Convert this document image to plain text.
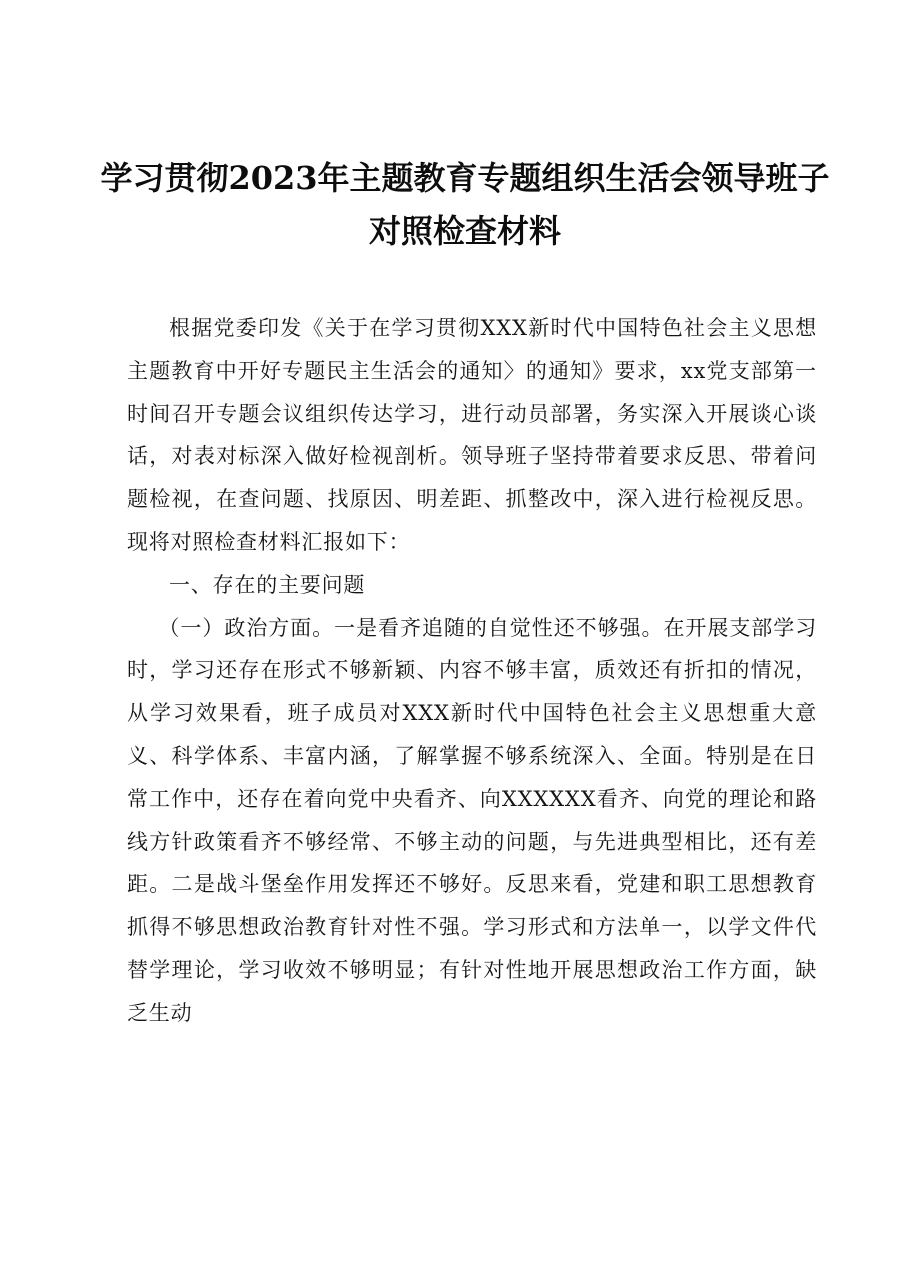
学习贯彻2023年主题教育专题组织生活会领导班子对照检查材料

根据党委印发《关于在学习贯彻XXX新时代中国特色社会主义思想主题教育中开好专题民主生活会的通知〉的通知》要求，xx党支部第一时间召开专题会议组织传达学习，进行动员部署，务实深入开展谈心谈话，对表对标深入做好检视剖析。领导班子坚持带着要求反思、带着问题检视，在查问题、找原因、明差距、抓整改中，深入进行检视反思。现将对照检查材料汇报如下：

一、存在的主要问题

（一）政治方面。一是看齐追随的自觉性还不够强。在开展支部学习时，学习还存在形式不够新颖、内容不够丰富，质效还有折扣的情况，从学习效果看，班子成员对XXX新时代中国特色社会主义思想重大意义、科学体系、丰富内涵，了解掌握不够系统深入、全面。特别是在日常工作中，还存在着向党中央看齐、向XXXXXX看齐、向党的理论和路线方针政策看齐不够经常、不够主动的问题，与先进典型相比，还有差距。二是战斗堡垒作用发挥还不够好。反思来看，党建和职工思想教育抓得不够思想政治教育针对性不强。学习形式和方法单一，以学文件代替学理论，学习收效不够明显；有针对性地开展思想政治工作方面，缺乏生动
